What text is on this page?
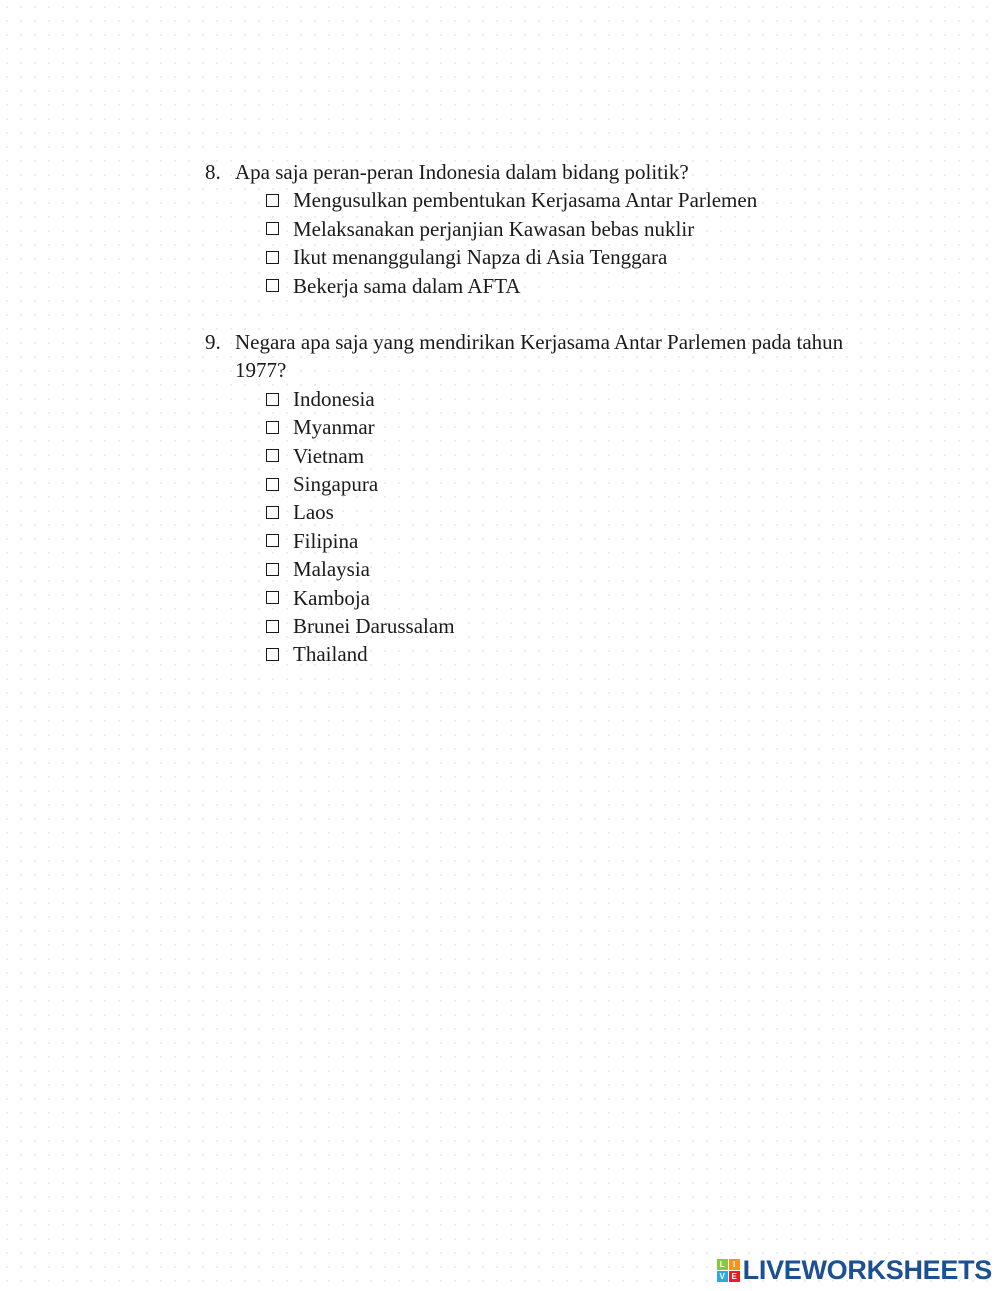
8. Apa saja peran-peran Indonesia dalam bidang politik?
Mengusulkan pembentukan Kerjasama Antar Parlemen
Melaksanakan perjanjian Kawasan bebas nuklir
Ikut menanggulangi Napza di Asia Tenggara
Bekerja sama dalam AFTA
9. Negara apa saja yang mendirikan Kerjasama Antar Parlemen pada tahun 1977?
Indonesia
Myanmar
Vietnam
Singapura
Laos
Filipina
Malaysia
Kamboja
Brunei Darussalam
Thailand
L	I
V E LIVEWORKSHEETS
